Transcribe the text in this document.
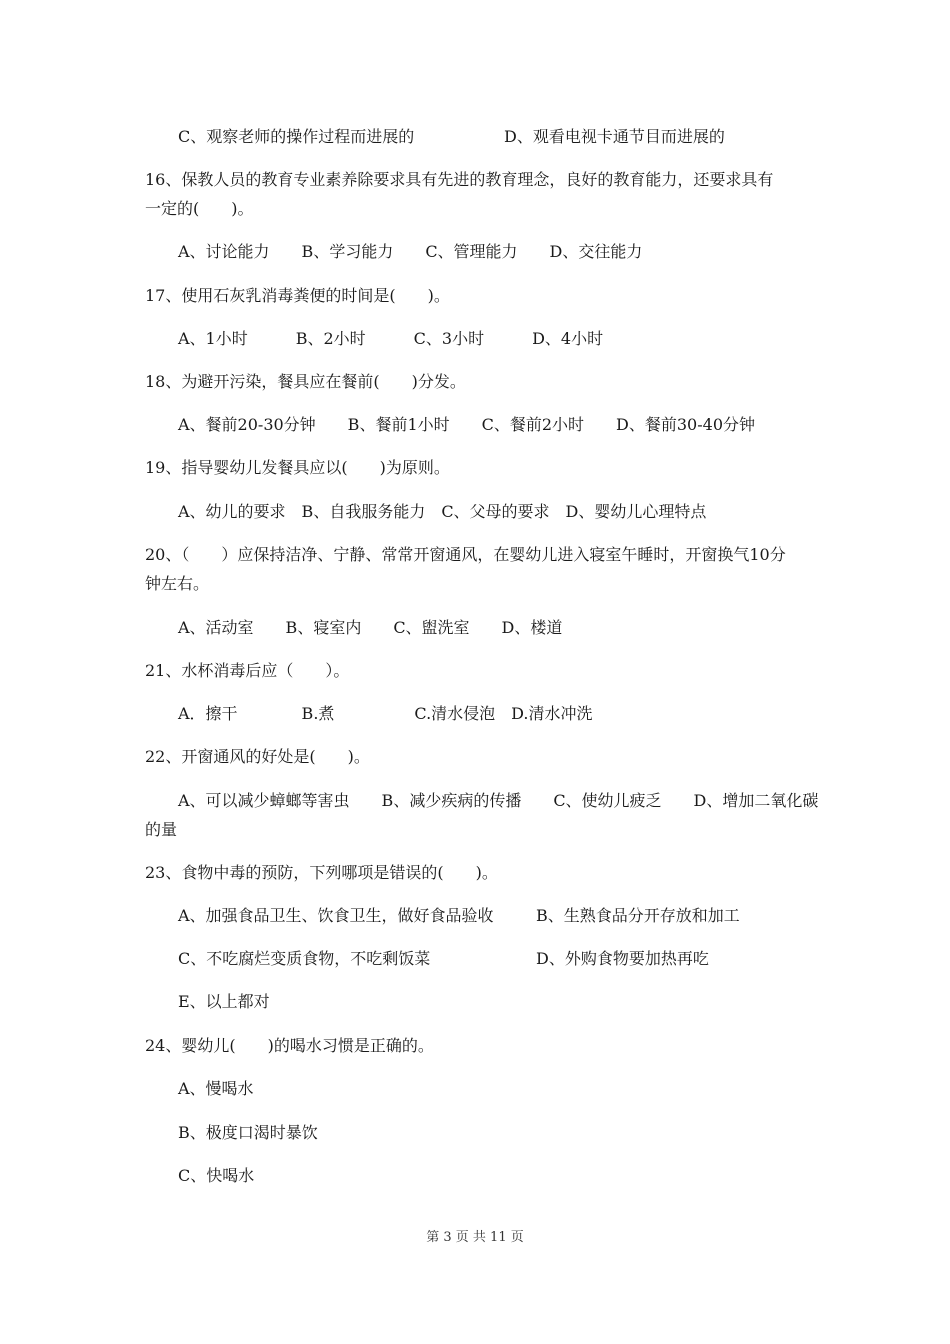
C、观察老师的操作过程而进展的	D、观看电视卡通节目而进展的
16、保教人员的教育专业素养除要求具有先进的教育理念，良好的教育能力，还要求具有
一定的(　　)。
A、讨论能力　　B、学习能力　　C、管理能力　　D、交往能力
17、使用石灰乳消毒粪便的时间是(　　)。
A、1小时　　　B、2小时　　　C、3小时　　　D、4小时
18、为避开污染，餐具应在餐前(　　)分发。
A、餐前20-30分钟　　B、餐前1小时　　C、餐前2小时　　D、餐前30-40分钟
19、指导婴幼儿发餐具应以(　　)为原则。
A、幼儿的要求　B、自我服务能力　C、父母的要求　D、婴幼儿心理特点
20、（　　）应保持洁净、宁静、常常开窗通风，在婴幼儿进入寝室午睡时，开窗换气10分
钟左右。
A、活动室　　B、寝室内　　C、盥洗室　　D、楼道
21、水杯消毒后应（　　）。
A．擦干　　　　B.煮　　　　　C.清水侵泡　D.清水冲洗
22、开窗通风的好处是(　　)。
A、可以减少蟑螂等害虫　　B、减少疾病的传播　　C、使幼儿疲乏　　D、增加二氧化碳
的量
23、食物中毒的预防，下列哪项是错误的(　　)。
A、加强食品卫生、饮食卫生，做好食品验收	B、生熟食品分开存放和加工
C、不吃腐烂变质食物，不吃剩饭菜	D、外购食物要加热再吃
E、以上都对
24、婴幼儿(　　)的喝水习惯是正确的。
A、慢喝水
B、极度口渴时暴饮
C、快喝水
第 3 页 共 11 页
